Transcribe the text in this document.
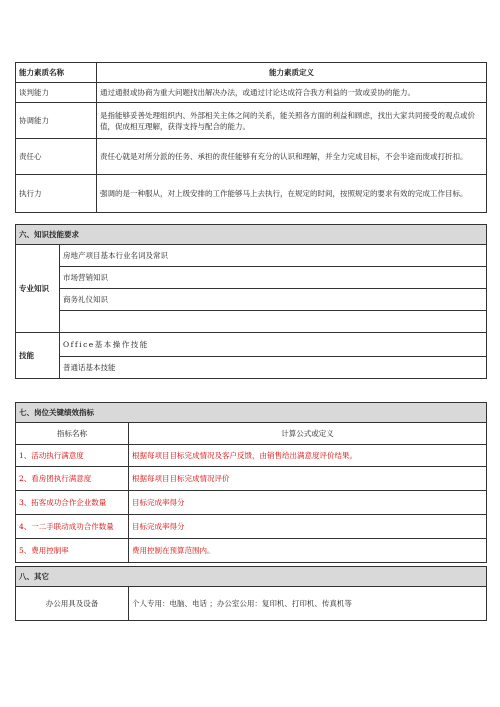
能力素质名称	能力素质定义
谈判能力	通过通报或协商为重大问题找出解决办法，或通过讨论达成符合我方利益的一致或妥协的能力。
协调能力	是指能够妥善处理组织内、外部相关主体之间的关系，能关照各方面的利益和顾虑，找出大家共同接受的观点或价值，促成相互理解，获得支持与配合的能力。
责任心	责任心就是对所分派的任务、承担的责任能够有充分的认识和理解，并全力完成目标，不会半途而废或打折扣。
执行力	强调的是一种服从，对上级安排的工作能够马上去执行，在规定的时间，按照规定的要求有效的完成工作目标。
六、知识技能要求	
专业知识	房地产项目基本行业名词及常识
	市场营销知识
	商务礼仪知识

技能	Office基本操作技能
	普通话基本技能
七、岗位关键绩效指标	
指标名称	计算公式或定义
1、活动执行满意度	根据每项目目标完成情况及客户反馈，由销售给出满意度评价结果。
2、看房团执行满意度	根据每项目目标完成情况评价
3、拓客成功合作企业数量	目标完成率得分
4、一二手联动成功合作数量	目标完成率得分
5、费用控制率	费用控制在预算范围内。
八、其它
办公用具及设备	个人专用：电脑、电话 ；办公室公用：复印机、打印机、传真机等
